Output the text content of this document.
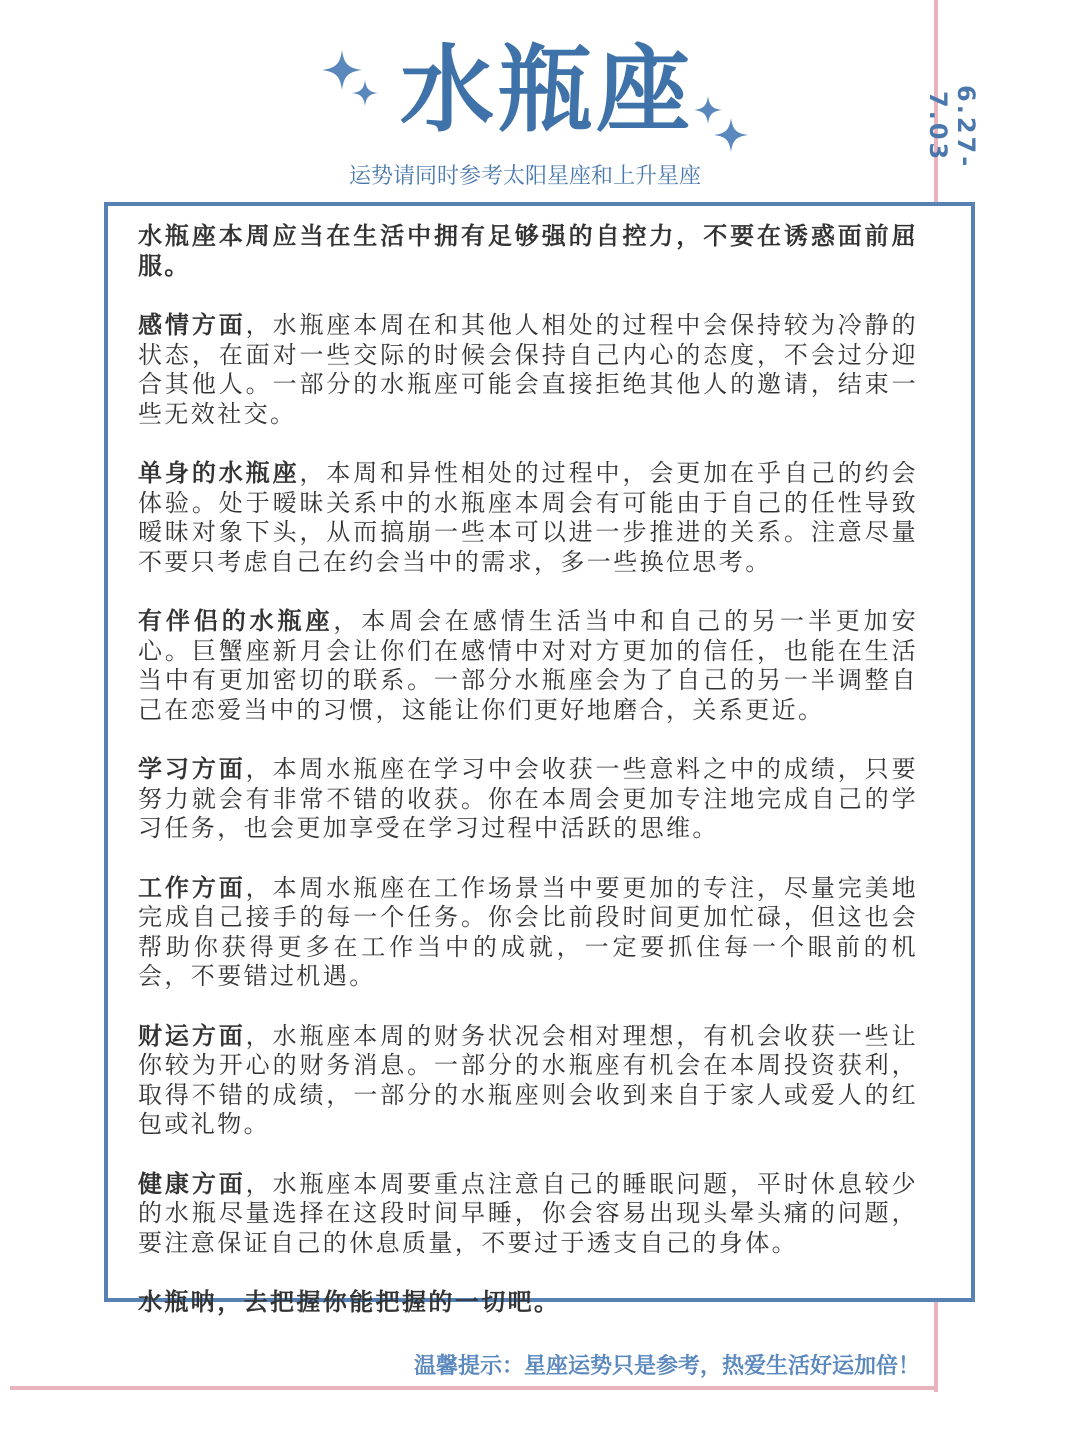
水瓶座
运势请同时参考太阳星座和上升星座
6.27-7.03

水瓶座本周应当在生活中拥有足够强的自控力，不要在诱惑面前屈服。

感情方面，水瓶座本周在和其他人相处的过程中会保持较为冷静的状态，在面对一些交际的时候会保持自己内心的态度，不会过分迎合其他人。一部分的水瓶座可能会直接拒绝其他人的邀请，结束一些无效社交。

单身的水瓶座，本周和异性相处的过程中，会更加在乎自己的约会体验。处于暧昧关系中的水瓶座本周会有可能由于自己的任性导致暧昧对象下头，从而搞崩一些本可以进一步推进的关系。注意尽量不要只考虑自己在约会当中的需求，多一些换位思考。

有伴侣的水瓶座，本周会在感情生活当中和自己的另一半更加安心。巨蟹座新月会让你们在感情中对对方更加的信任，也能在生活当中有更加密切的联系。一部分水瓶座会为了自己的另一半调整自己在恋爱当中的习惯，这能让你们更好地磨合，关系更近。

学习方面，本周水瓶座在学习中会收获一些意料之中的成绩，只要努力就会有非常不错的收获。你在本周会更加专注地完成自己的学习任务，也会更加享受在学习过程中活跃的思维。

工作方面，本周水瓶座在工作场景当中要更加的专注，尽量完美地完成自己接手的每一个任务。你会比前段时间更加忙碌，但这也会帮助你获得更多在工作当中的成就，一定要抓住每一个眼前的机会，不要错过机遇。

财运方面，水瓶座本周的财务状况会相对理想，有机会收获一些让你较为开心的财务消息。一部分的水瓶座有机会在本周投资获利，取得不错的成绩，一部分的水瓶座则会收到来自于家人或爱人的红包或礼物。

健康方面，水瓶座本周要重点注意自己的睡眠问题，平时休息较少的水瓶尽量选择在这段时间早睡，你会容易出现头晕头痛的问题，要注意保证自己的休息质量，不要过于透支自己的身体。

水瓶呐，去把握你能把握的一切吧。

温馨提示：星座运势只是参考，热爱生活好运加倍！
